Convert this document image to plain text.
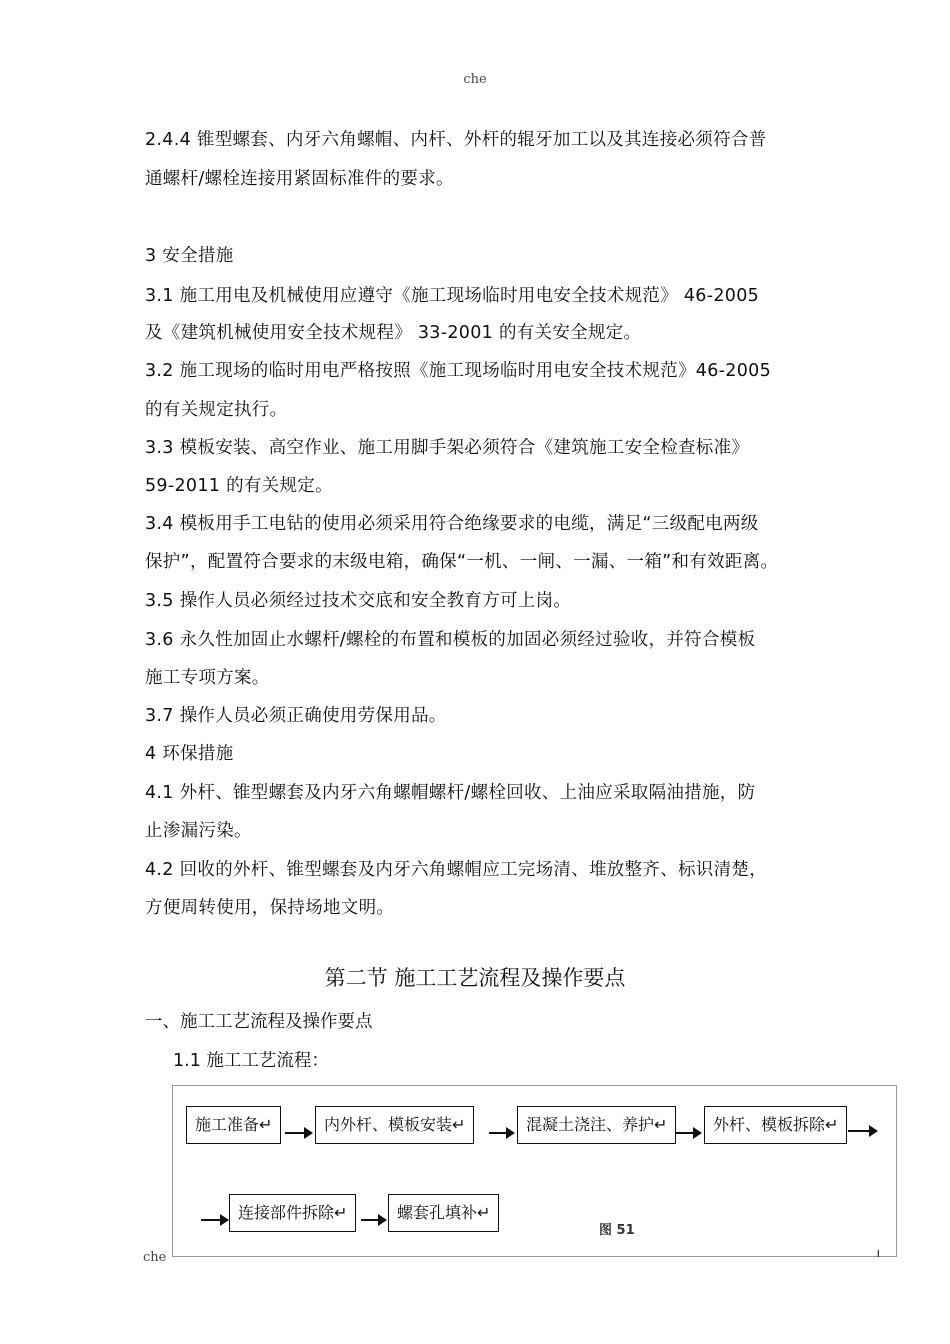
che
2.4.4 锥型螺套、内牙六角螺帽、内杆、外杆的辊牙加工以及其连接必须符合普
通螺杆/螺栓连接用紧固标准件的要求。
3 安全措施
3.1 施工用电及机械使用应遵守《施工现场临时用电安全技术规范》 46-2005
及《建筑机械使用安全技术规程》 33-2001 的有关安全规定。
3.2 施工现场的临时用电严格按照《施工现场临时用电安全技术规范》46-2005
的有关规定执行。
3.3 模板安装、高空作业、施工用脚手架必须符合《建筑施工安全检查标准》
59-2011 的有关规定。
3.4 模板用手工电钻的使用必须采用符合绝缘要求的电缆，满足“三级配电两级
保护”，配置符合要求的末级电箱，确保“一机、一闸、一漏、一箱”和有效距离。
3.5 操作人员必须经过技术交底和安全教育方可上岗。
3.6 永久性加固止水螺杆/螺栓的布置和模板的加固必须经过验收，并符合模板
施工专项方案。
3.7 操作人员必须正确使用劳保用品。
4 环保措施
4.1 外杆、锥型螺套及内牙六角螺帽螺杆/螺栓回收、上油应采取隔油措施，防
止渗漏污染。
4.2 回收的外杆、锥型螺套及内牙六角螺帽应工完场清、堆放整齐、标识清楚，
方便周转使用，保持场地文明。
第二节 施工工艺流程及操作要点
一、施工工艺流程及操作要点
1.1 施工工艺流程：
施工准备↵	内外杆、模板安装↵	混凝土浇注、养护↵	外杆、模板拆除↵
连接部件拆除↵	螺套孔填补↵
图 51
ı
che
